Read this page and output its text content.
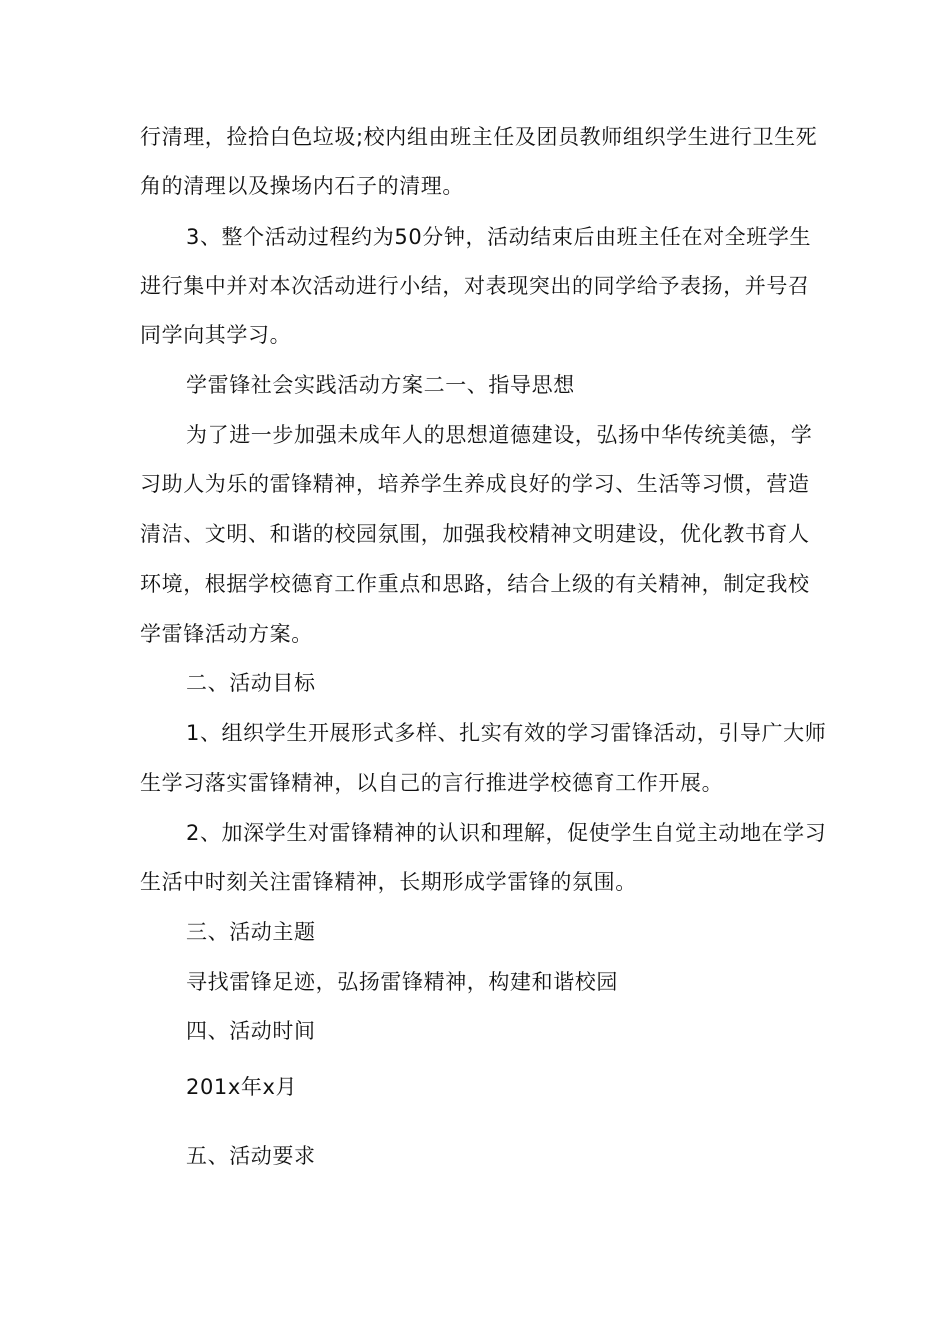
行清理，捡拾白色垃圾;校内组由班主任及团员教师组织学生进行卫生死
角的清理以及操场内石子的清理。
3、整个活动过程约为50分钟，活动结束后由班主任在对全班学生
进行集中并对本次活动进行小结，对表现突出的同学给予表扬，并号召
同学向其学习。
学雷锋社会实践活动方案二一、指导思想
为了进一步加强未成年人的思想道德建设，弘扬中华传统美德，学
习助人为乐的雷锋精神，培养学生养成良好的学习、生活等习惯，营造
清洁、文明、和谐的校园氛围，加强我校精神文明建设，优化教书育人
环境，根据学校德育工作重点和思路，结合上级的有关精神，制定我校
学雷锋活动方案。
二、活动目标
1、组织学生开展形式多样、扎实有效的学习雷锋活动，引导广大师
生学习落实雷锋精神，以自己的言行推进学校德育工作开展。
2、加深学生对雷锋精神的认识和理解，促使学生自觉主动地在学习
生活中时刻关注雷锋精神，长期形成学雷锋的氛围。
三、活动主题
寻找雷锋足迹，弘扬雷锋精神，构建和谐校园
四、活动时间
201x年x月
五、活动要求
